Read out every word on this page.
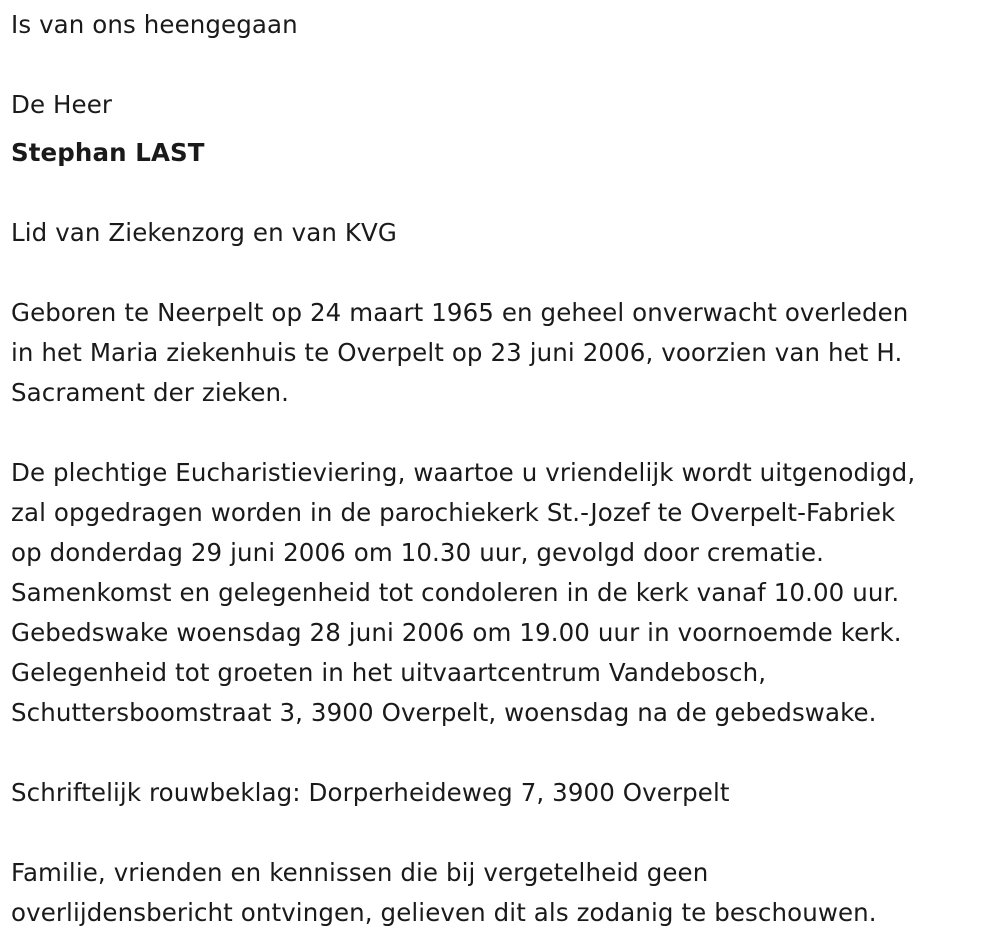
Is van ons heengegaan
De Heer
Stephan LAST
Lid van Ziekenzorg en van KVG
Geboren te Neerpelt op 24 maart 1965 en geheel onverwacht overleden
in het Maria ziekenhuis te Overpelt op 23 juni 2006, voorzien van het H.
Sacrament der zieken.
De plechtige Eucharistieviering, waartoe u vriendelijk wordt uitgenodigd,
zal opgedragen worden in de parochiekerk St.-Jozef te Overpelt-Fabriek
op donderdag 29 juni 2006 om 10.30 uur, gevolgd door crematie.
Samenkomst en gelegenheid tot condoleren in de kerk vanaf 10.00 uur.
Gebedswake woensdag 28 juni 2006 om 19.00 uur in voornoemde kerk.
Gelegenheid tot groeten in het uitvaartcentrum Vandebosch,
Schuttersboomstraat 3, 3900 Overpelt, woensdag na de gebedswake.
Schriftelijk rouwbeklag: Dorperheideweg 7, 3900 Overpelt
Familie, vrienden en kennissen die bij vergetelheid geen
overlijdensbericht ontvingen, gelieven dit als zodanig te beschouwen.
